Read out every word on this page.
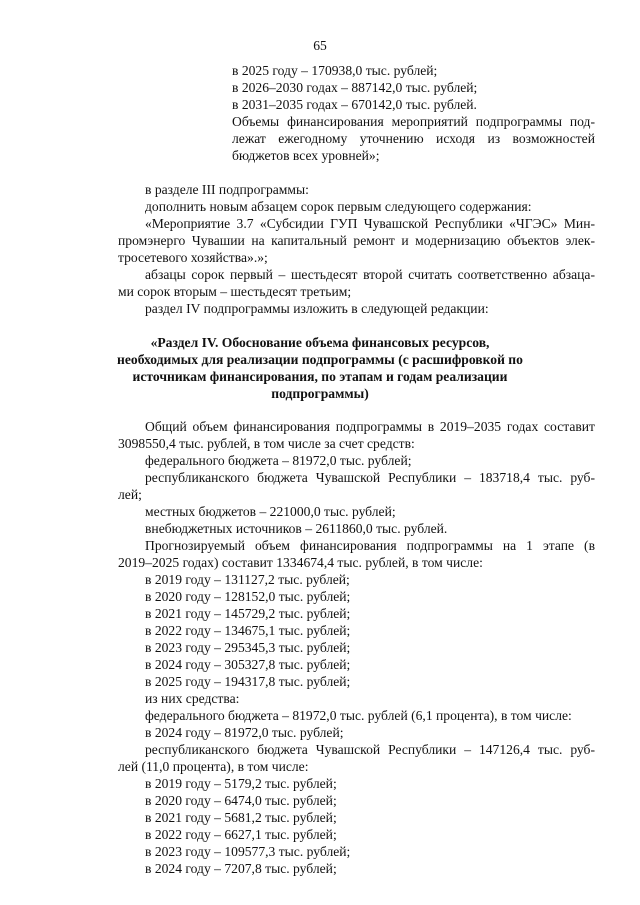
65
в 2025 году – 170938,0 тыс. рублей;
в 2026–2030 годах – 887142,0 тыс. рублей;
в 2031–2035 годах – 670142,0 тыс. рублей.
Объемы финансирования мероприятий подпрограммы под-
лежат ежегодному уточнению исходя из возможностей
бюджетов всех уровней»;
в разделе III подпрограммы:
дополнить новым абзацем сорок первым следующего содержания:
«Мероприятие 3.7 «Субсидии ГУП Чувашской Республики «ЧГЭС» Мин-
промэнерго Чувашии на капитальный ремонт и модернизацию объектов элек-
тросетевого хозяйства».»;
абзацы сорок первый – шестьдесят второй считать соответственно абзаца-
ми сорок вторым – шестьдесят третьим;
раздел IV подпрограммы изложить в следующей редакции:
«Раздел IV. Обоснование объема финансовых ресурсов,
необходимых для реализации подпрограммы (с расшифровкой по
источникам финансирования, по этапам и годам реализации
подпрограммы)
Общий объем финансирования подпрограммы в 2019–2035 годах составит
3098550,4 тыс. рублей, в том числе за счет средств:
федерального бюджета – 81972,0 тыс. рублей;
республиканского бюджета Чувашской Республики – 183718,4 тыс. руб-
лей;
местных бюджетов – 221000,0 тыс. рублей;
внебюджетных источников – 2611860,0 тыс. рублей.
Прогнозируемый объем финансирования подпрограммы на 1 этапе (в
2019–2025 годах) составит 1334674,4 тыс. рублей, в том числе:
в 2019 году – 131127,2 тыс. рублей;
в 2020 году – 128152,0 тыс. рублей;
в 2021 году – 145729,2 тыс. рублей;
в 2022 году – 134675,1 тыс. рублей;
в 2023 году – 295345,3 тыс. рублей;
в 2024 году – 305327,8 тыс. рублей;
в 2025 году – 194317,8 тыс. рублей;
из них средства:
федерального бюджета – 81972,0 тыс. рублей (6,1 процента), в том числе:
в 2024 году – 81972,0 тыс. рублей;
республиканского бюджета Чувашской Республики – 147126,4 тыс. руб-
лей (11,0 процента), в том числе:
в 2019 году – 5179,2 тыс. рублей;
в 2020 году – 6474,0 тыс. рублей;
в 2021 году – 5681,2 тыс. рублей;
в 2022 году – 6627,1 тыс. рублей;
в 2023 году – 109577,3 тыс. рублей;
в 2024 году – 7207,8 тыс. рублей;
